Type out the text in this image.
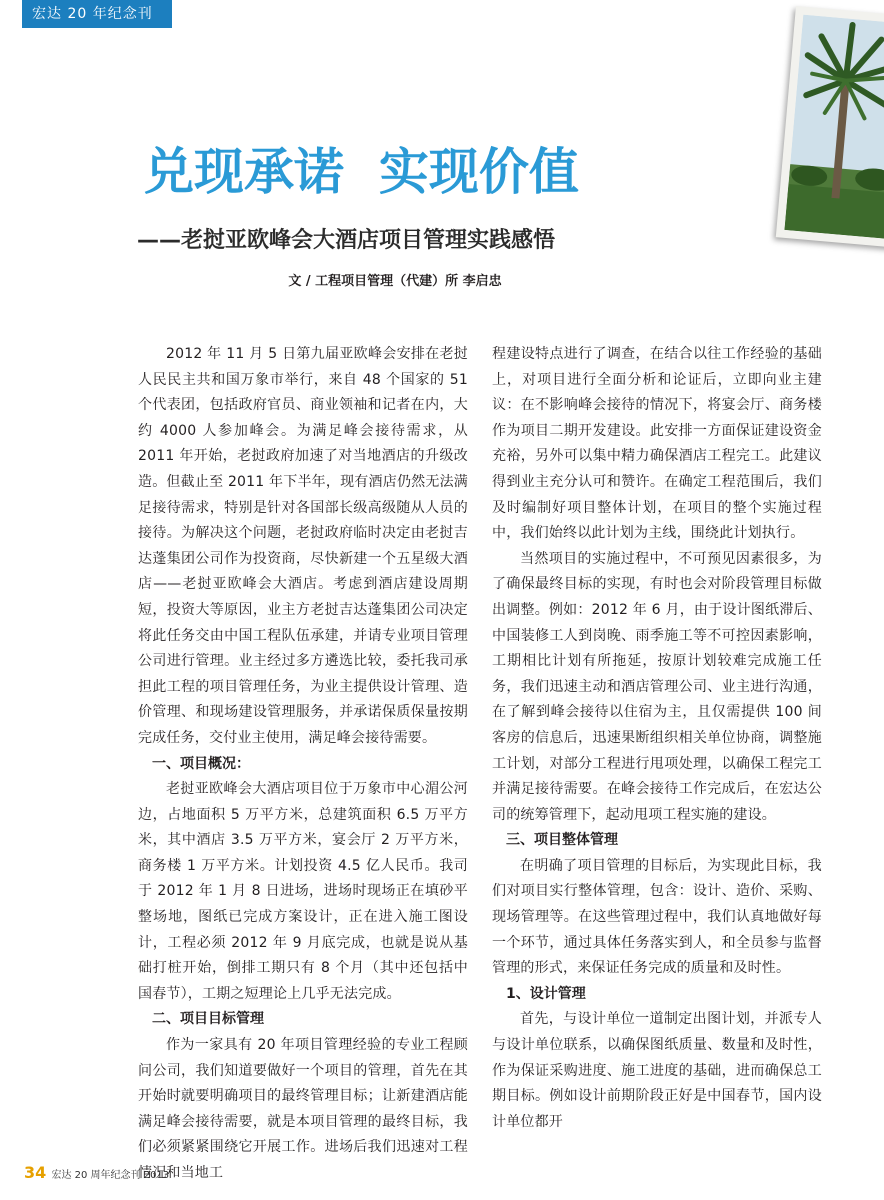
宏达 20 年纪念刊
兑现承诺  实现价值
——老挝亚欧峰会大酒店项目管理实践感悟
文 / 工程项目管理（代建）所 李启忠

2012 年 11 月 5 日第九届亚欧峰会安排在老挝人民民主共和国万象市举行，来自 48 个国家的 51 个代表团，包括政府官员、商业领袖和记者在内，大约 4000 人参加峰会。为满足峰会接待需求，从 2011 年开始，老挝政府加速了对当地酒店的升级改造。但截止至 2011 年下半年，现有酒店仍然无法满足接待需求，特别是针对各国部长级高级随从人员的接待。为解决这个问题，老挝政府临时决定由老挝吉达蓬集团公司作为投资商，尽快新建一个五星级大酒店——老挝亚欧峰会大酒店。考虑到酒店建设周期短，投资大等原因，业主方老挝吉达蓬集团公司决定将此任务交由中国工程队伍承建，并请专业项目管理公司进行管理。业主经过多方遴选比较，委托我司承担此工程的项目管理任务，为业主提供设计管理、造价管理、和现场建设管理服务，并承诺保质保量按期完成任务，交付业主使用，满足峰会接待需要。

一、项目概况：

老挝亚欧峰会大酒店项目位于万象市中心湄公河边，占地面积 5 万平方米，总建筑面积 6.5 万平方米，其中酒店 3.5 万平方米，宴会厅 2 万平方米，商务楼 1 万平方米。计划投资 4.5 亿人民币。我司于 2012 年 1 月 8 日进场，进场时现场正在填砂平整场地，图纸已完成方案设计，正在进入施工图设计，工程必须 2012 年 9 月底完成，也就是说从基础打桩开始，倒排工期只有 8 个月（其中还包括中国春节），工期之短理论上几乎无法完成。

二、项目目标管理

作为一家具有 20 年项目管理经验的专业工程顾问公司，我们知道要做好一个项目的管理，首先在其开始时就要明确项目的最终管理目标；让新建酒店能满足峰会接待需要，就是本项目管理的最终目标，我们必须紧紧围绕它开展工作。进场后我们迅速对工程情况和当地工

程建设特点进行了调查，在结合以往工作经验的基础上，对项目进行全面分析和论证后，立即向业主建议：在不影响峰会接待的情况下，将宴会厅、商务楼作为项目二期开发建设。此安排一方面保证建设资金充裕，另外可以集中精力确保酒店工程完工。此建议得到业主充分认可和赞许。在确定工程范围后，我们及时编制好项目整体计划，在项目的整个实施过程中，我们始终以此计划为主线，围绕此计划执行。

当然项目的实施过程中，不可预见因素很多，为了确保最终目标的实现，有时也会对阶段管理目标做出调整。例如：2012 年 6 月，由于设计图纸滞后、中国装修工人到岗晚、雨季施工等不可控因素影响，工期相比计划有所拖延，按原计划较难完成施工任务，我们迅速主动和酒店管理公司、业主进行沟通，在了解到峰会接待以住宿为主，且仅需提供 100 间客房的信息后，迅速果断组织相关单位协商，调整施工计划，对部分工程进行甩项处理，以确保工程完工并满足接待需要。在峰会接待工作完成后，在宏达公司的统筹管理下，起动甩项工程实施的建设。

三、项目整体管理

在明确了项目管理的目标后，为实现此目标，我们对项目实行整体管理，包含：设计、造价、采购、现场管理等。在这些管理过程中，我们认真地做好每一个环节，通过具体任务落实到人，和全员参与监督管理的形式，来保证任务完成的质量和及时性。

1、设计管理

首先，与设计单位一道制定出图计划，并派专人与设计单位联系，以确保图纸质量、数量和及时性，作为保证采购进度、施工进度的基础，进而确保总工期目标。例如设计前期阶段正好是中国春节，国内设计单位都开

34 宏达 20 周年纪念刊 2013
